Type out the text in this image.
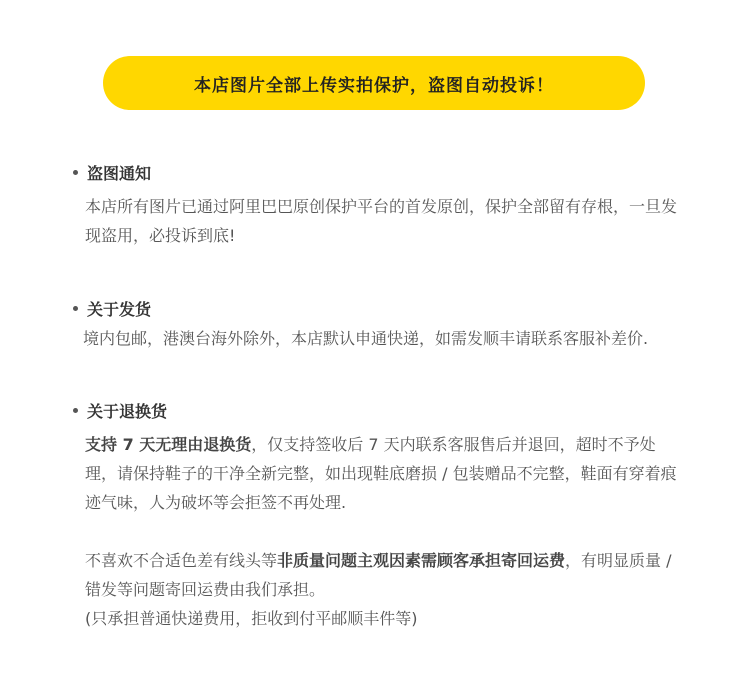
本店图片全部上传实拍保护，盗图自动投诉！
盗图通知
本店所有图片已通过阿里巴巴原创保护平台的首发原创，保护全部留有存根，一旦发现盗用，必投诉到底!
关于发货
境内包邮，港澳台海外除外，本店默认申通快递，如需发顺丰请联系客服补差价.
关于退换货
支持 7 天无理由退换货，仅支持签收后 7 天内联系客服售后并退回，超时不予处理，请保持鞋子的干净全新完整，如出现鞋底磨损 / 包装赠品不完整，鞋面有穿着痕迹气味，人为破坏等会拒签不再处理.
不喜欢不合适色差有线头等非质量问题主观因素需顾客承担寄回运费，有明显质量 / 错发等问题寄回运费由我们承担。
(只承担普通快递费用，拒收到付平邮顺丰件等)
